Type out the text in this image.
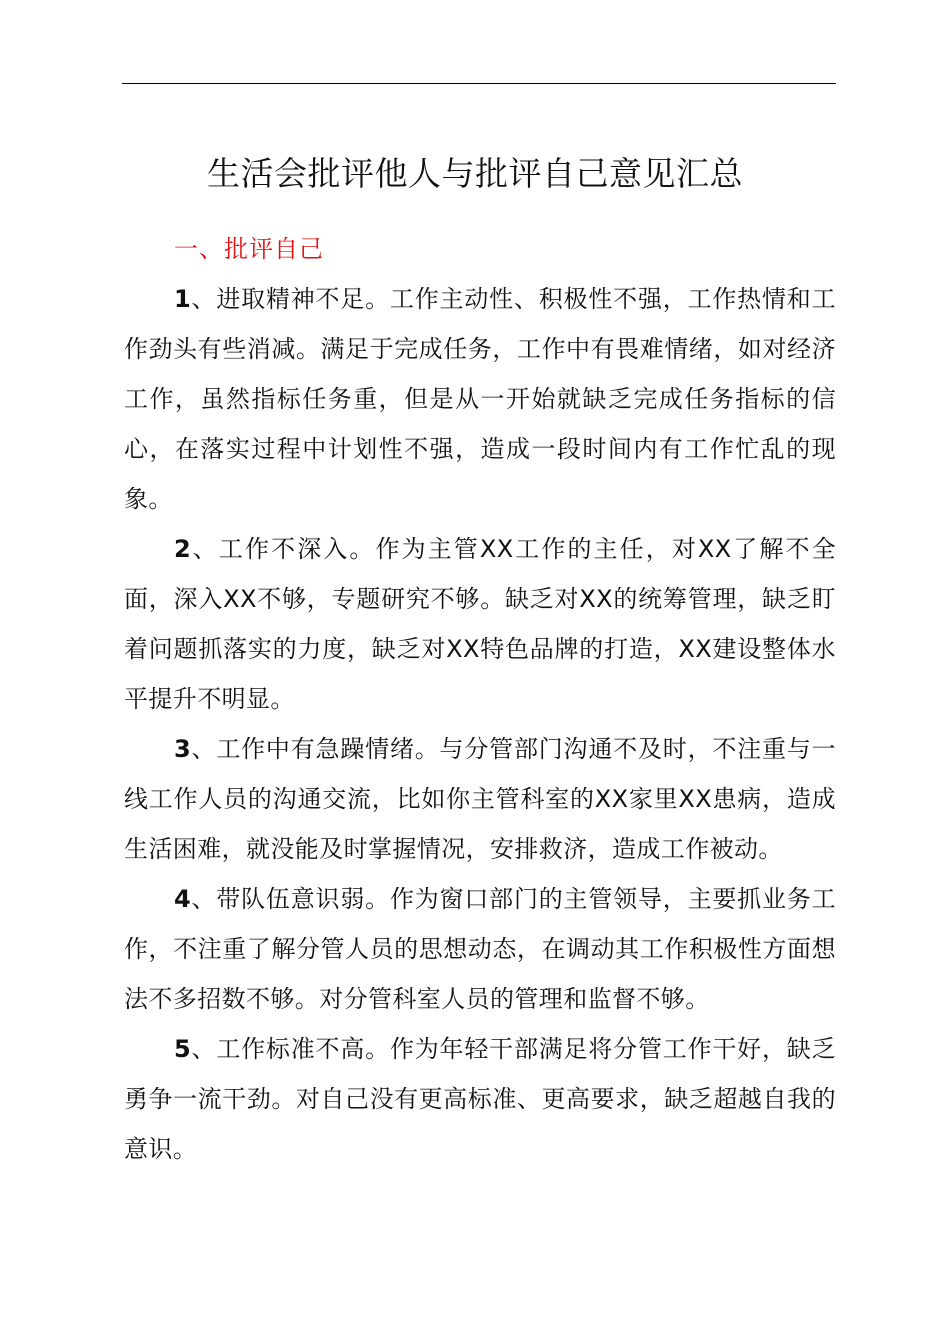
生活会批评他人与批评自己意见汇总
一、批评自己

1、进取精神不足。工作主动性、积极性不强，工作热情和工作劲头有些消减。满足于完成任务，工作中有畏难情绪，如对经济工作，虽然指标任务重，但是从一开始就缺乏完成任务指标的信心，在落实过程中计划性不强，造成一段时间内有工作忙乱的现象。

2、工作不深入。作为主管XX工作的主任，对XX了解不全面，深入XX不够，专题研究不够。缺乏对XX的统筹管理，缺乏盯着问题抓落实的力度，缺乏对XX特色品牌的打造，XX建设整体水平提升不明显。

3、工作中有急躁情绪。与分管部门沟通不及时，不注重与一线工作人员的沟通交流，比如你主管科室的XX家里XX患病，造成生活困难，就没能及时掌握情况，安排救济，造成工作被动。

4、带队伍意识弱。作为窗口部门的主管领导，主要抓业务工作，不注重了解分管人员的思想动态，在调动其工作积极性方面想法不多招数不够。对分管科室人员的管理和监督不够。

5、工作标准不高。作为年轻干部满足将分管工作干好，缺乏勇争一流干劲。对自己没有更高标准、更高要求，缺乏超越自我的意识。
